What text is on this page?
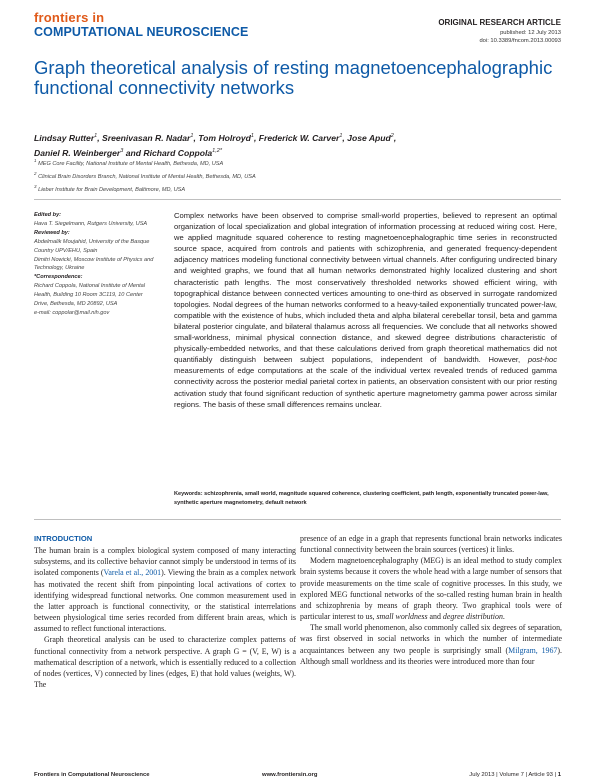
frontiers in
COMPUTATIONAL NEUROSCIENCE
ORIGINAL RESEARCH ARTICLE
published: 12 July 2013
doi: 10.3389/fncom.2013.00093
Graph theoretical analysis of resting magnetoencephalographic functional connectivity networks
Lindsay Rutter$^1$, Sreenivasan R. Nadar$^1$, Tom Holroyd$^1$, Frederick W. Carver$^1$, Jose Apud$^2$,
Daniel R. Weinberger$^3$ and Richard Coppola$^{1,2*}$
$^1$ MEG Core Facility, National Institute of Mental Health, Bethesda, MD, USA
$^2$ Clinical Brain Disorders Branch, National Institute of Mental Health, Bethesda, MD, USA
$^3$ Lieber Institute for Brain Development, Baltimore, MD, USA
Edited by:
Hava T. Siegelmann, Rutgers University, USA
Reviewed by:
Abdelmalik Moujahid, University of the Basque Country UPV/EHU, Spain
Dimitri Nowicki, Moscow Institute of Physics and Technology, Ukraine
*Correspondence:
Richard Coppola, National Institute of Mental Health, Building 10 Room 3C119, 10 Center Drive, Bethesda, MD 20892, USA
e-mail: coppolar@mail.nih.gov
Complex networks have been observed to comprise small-world properties, believed to represent an optimal organization of local specialization and global integration of information processing at reduced wiring cost. Here, we applied magnitude squared coherence to resting magnetoencephalographic time series in reconstructed source space, acquired from controls and patients with schizophrenia, and generated frequency-dependent adjacency matrices modeling functional connectivity between virtual channels. After configuring undirected binary and weighted graphs, we found that all human networks demonstrated highly localized clustering and short characteristic path lengths. The most conservatively thresholded networks showed efficient wiring, with topographical distance between connected vertices amounting to one-third as observed in surrogate randomized topologies. Nodal degrees of the human networks conformed to a heavy-tailed exponentially truncated power-law, compatible with the existence of hubs, which included theta and alpha bilateral cerebellar tonsil, beta and gamma bilateral posterior cingulate, and bilateral thalamus across all frequencies. We conclude that all networks showed small-worldness, minimal physical connection distance, and skewed degree distributions characteristic of physically-embedded networks, and that these calculations derived from graph theoretical mathematics did not quantifiably distinguish between subject populations, independent of bandwidth. However, post-hoc measurements of edge computations at the scale of the individual vertex revealed trends of reduced gamma connectivity across the posterior medial parietal cortex in patients, an observation consistent with our prior resting activation study that found significant reduction of synthetic aperture magnetometry gamma power across similar regions. The basis of these small differences remains unclear.
Keywords: schizophrenia, small world, magnitude squared coherence, clustering coefficient, path length, exponentially truncated power-law, synthetic aperture magnetometry, default network
INTRODUCTION

The human brain is a complex biological system composed of many interacting subsystems, and its collective behavior cannot simply be understood in terms of its isolated components (Varela et al., 2001). Viewing the brain as a complex network has motivated the recent shift from pinpointing local activations of cortex to identifying widespread functional networks. One common measurement used in the latter approach is functional connectivity, or the statistical interrelations between physiological time series recorded from different brain areas, which is assumed to reflect functional interactions.

Graph theoretical analysis can be used to characterize complex patterns of functional connectivity from a network perspective. A graph G = (V, E, W) is a mathematical description of a network, which is essentially reduced to a collection of nodes (vertices, V) connected by lines (edges, E) that hold values (weights, W). The

presence of an edge in a graph that represents functional brain networks indicates functional connectivity between the brain sources (vertices) it links.

Modern magnetoencephalography (MEG) is an ideal method to study complex brain systems because it covers the whole head with a large number of sensors that provide measurements on the time scale of cognitive processes. In this study, we explored MEG functional networks of the so-called resting human brain in health and schizophrenia by means of graph theory. Two graphical tools were of particular interest to us, small worldness and degree distribution.

The small world phenomenon, also commonly called six degrees of separation, was first observed in social networks in which the number of intermediate acquaintances between any two people is surprisingly small (Milgram, 1967). Although small worldness and its theories were introduced more than four

Frontiers in Computational Neuroscience	www.frontiersin.org	July 2013 | Volume 7 | Article 93 | 1
